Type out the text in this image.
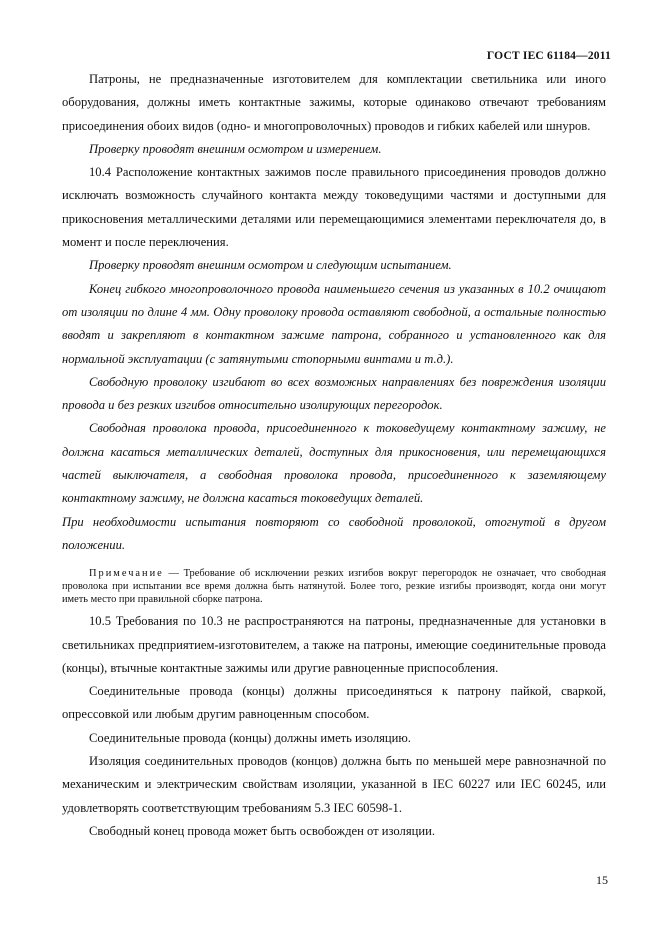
ГОСТ IEC 61184—2011

Патроны, не предназначенные изготовителем для комплектации светильника или иного оборудования, должны иметь контактные зажимы, которые одинаково отвечают требованиям присоединения обоих видов (одно- и многопроволочных) проводов и гибких кабелей или шнуров.

Проверку проводят внешним осмотром и измерением.

10.4 Расположение контактных зажимов после правильного присоединения проводов должно исключать возможность случайного контакта между токоведущими частями и доступными для прикосновения металлическими деталями или перемещающимися элементами переключателя до, в момент и после переключения.

Проверку проводят внешним осмотром и следующим испытанием.

Конец гибкого многопроволочного провода наименьшего сечения из указанных в 10.2 очищают от изоляции по длине 4 мм. Одну проволоку провода оставляют свободной, а остальные полностью вводят и закрепляют в контактном зажиме патрона, собранного и установленного как для нормальной эксплуатации (с затянутыми стопорными винтами и т.д.).

Свободную проволоку изгибают во всех возможных направлениях без повреждения изоляции провода и без резких изгибов относительно изолирующих перегородок.

Свободная проволока провода, присоединенного к токоведущему контактному зажиму, не должна касаться металлических деталей, доступных для прикосновения, или перемещающихся частей выключателя, а свободная проволока провода, присоединенного к заземляющему контактному зажиму, не должна касаться токоведущих деталей.

При необходимости испытания повторяют со свободной проволокой, отогнутой в другом положении.

Примечание — Требование об исключении резких изгибов вокруг перегородок не означает, что свободная проволока при испытании все время должна быть натянутой. Более того, резкие изгибы производят, когда они могут иметь место при правильной сборке патрона.

10.5 Требования по 10.3 не распространяются на патроны, предназначенные для установки в светильниках предприятием-изготовителем, а также на патроны, имеющие соединительные провода (концы), втычные контактные зажимы или другие равноценные приспособления.

Соединительные провода (концы) должны присоединяться к патрону пайкой, сваркой, опрессовкой или любым другим равноценным способом.

Соединительные провода (концы) должны иметь изоляцию.

Изоляция соединительных проводов (концов) должна быть по меньшей мере равнозначной по механическим и электрическим свойствам изоляции, указанной в IEC 60227 или IEC 60245, или удовлетворять соответствующим требованиям 5.3 IEC 60598-1.

Свободный конец провода может быть освобожден от изоляции.

15
